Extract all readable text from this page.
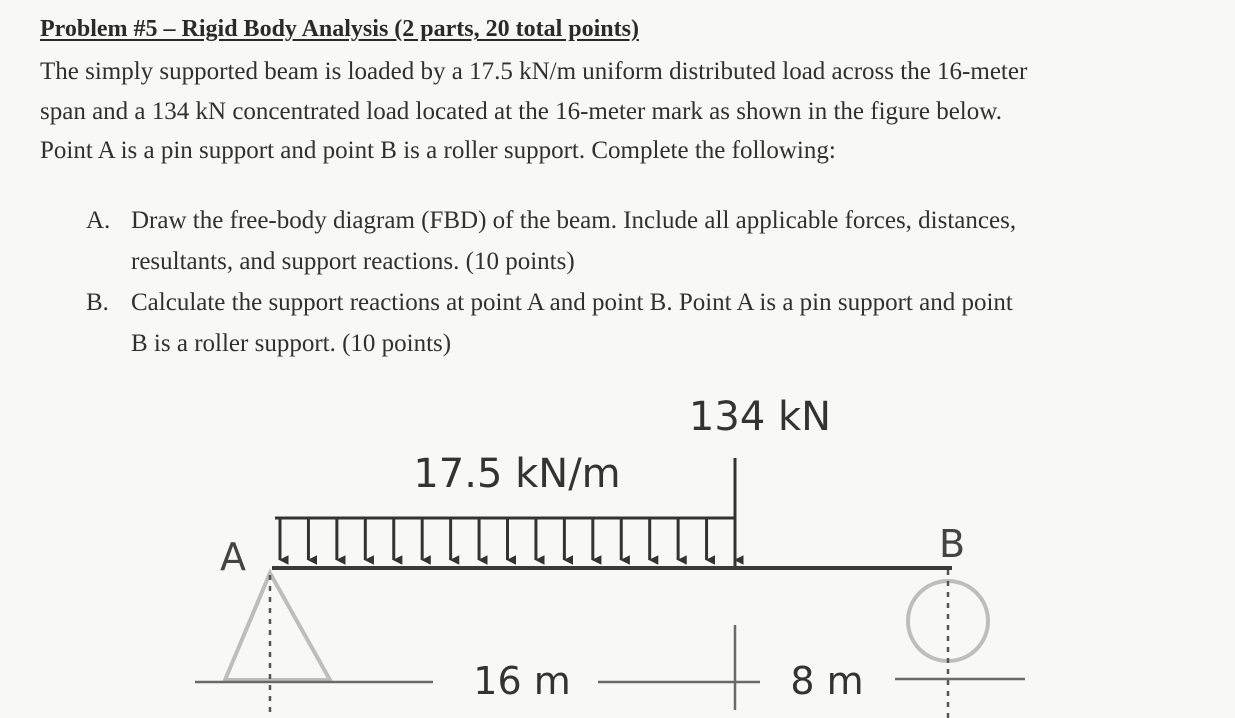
Problem #5 – Rigid Body Analysis (2 parts, 20 total points)

The simply supported beam is loaded by a 17.5 kN/m uniform distributed load across the 16-meter
span and a 134 kN concentrated load located at the 16-meter mark as shown in the figure below.
Point A is a pin support and point B is a roller support. Complete the following:

A. Draw the free-body diagram (FBD) of the beam. Include all applicable forces, distances,
resultants, and support reactions. (10 points)
B. Calculate the support reactions at point A and point B. Point A is a pin support and point
B is a roller support. (10 points)
134 kN
17.5 kN/m
A	B
16 m	8 m
